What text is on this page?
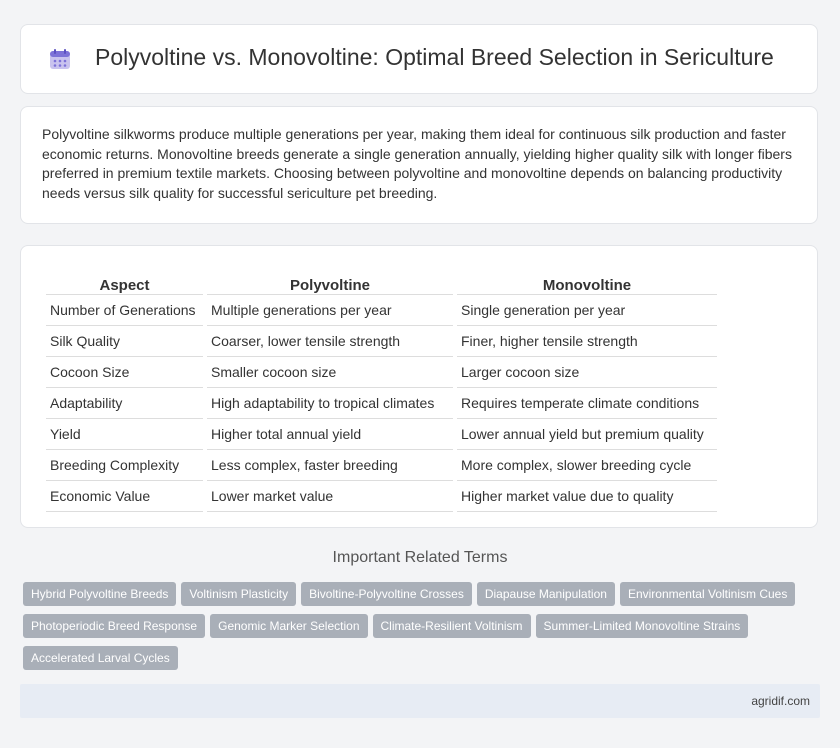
Polyvoltine vs. Monovoltine: Optimal Breed Selection in Sericulture

Polyvoltine silkworms produce multiple generations per year, making them ideal for continuous silk production and faster economic returns. Monovoltine breeds generate a single generation annually, yielding higher quality silk with longer fibers preferred in premium textile markets. Choosing between polyvoltine and monovoltine depends on balancing productivity needs versus silk quality for successful sericulture pet breeding.

Aspect	Polyvoltine	Monovoltine
Number of Generations	Multiple generations per year	Single generation per year
Silk Quality	Coarser, lower tensile strength	Finer, higher tensile strength
Cocoon Size	Smaller cocoon size	Larger cocoon size
Adaptability	High adaptability to tropical climates	Requires temperate climate conditions
Yield	Higher total annual yield	Lower annual yield but premium quality
Breeding Complexity	Less complex, faster breeding	More complex, slower breeding cycle
Economic Value	Lower market value	Higher market value due to quality
Important Related Terms
Hybrid Polyvoltine Breeds Voltinism Plasticity Bivoltine-Polyvoltine Crosses Diapause Manipulation Environmental Voltinism Cues
Photoperiodic Breed Response Genomic Marker Selection Climate-Resilient Voltinism Summer-Limited Monovoltine Strains
Accelerated Larval Cycles
agridif.com
